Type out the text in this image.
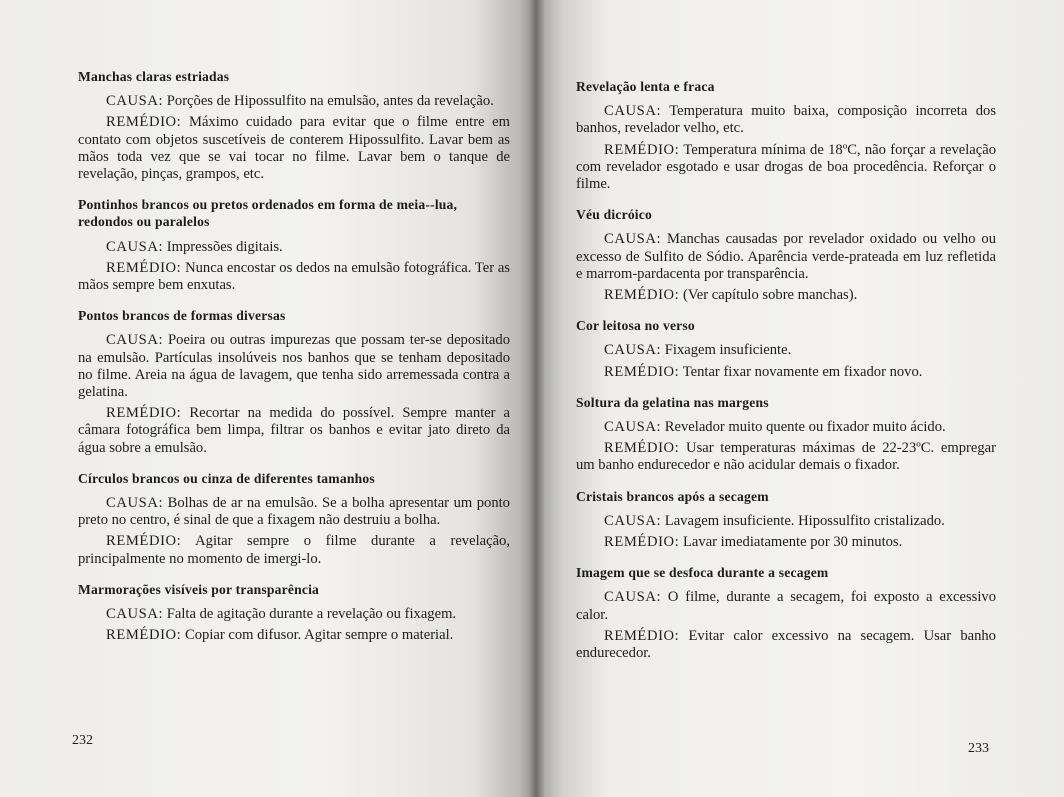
Manchas claras estriadas
CAUSA: Porções de Hipossulfito na emulsão, antes da revelação.
REMÉDIO: Máximo cuidado para evitar que o filme entre em contato com objetos suscetíveis de conterem Hipossulfito. Lavar bem as mãos toda vez que se vai tocar no filme. Lavar bem o tanque de revelação, pinças, grampos, etc.
Pontinhos brancos ou pretos ordenados em forma de meia--lua, redondos ou paralelos
CAUSA: Impressões digitais.
REMÉDIO: Nunca encostar os dedos na emulsão fotográfica. Ter as mãos sempre bem enxutas.
Pontos brancos de formas diversas
CAUSA: Poeira ou outras impurezas que possam ter-se depositado na emulsão. Partículas insolúveis nos banhos que se tenham depositado no filme. Areia na água de lavagem, que tenha sido arremessada contra a gelatina.
REMÉDIO: Recortar na medida do possível. Sempre manter a câmara fotográfica bem limpa, filtrar os banhos e evitar jato direto da água sobre a emulsão.
Círculos brancos ou cinza de diferentes tamanhos
CAUSA: Bolhas de ar na emulsão. Se a bolha apresentar um ponto preto no centro, é sinal de que a fixagem não destruiu a bolha.
REMÉDIO: Agitar sempre o filme durante a revelação, principalmente no momento de imergi-lo.
Marmorações visíveis por transparência
CAUSA: Falta de agitação durante a revelação ou fixagem.
REMÉDIO: Copiar com difusor. Agitar sempre o material.
Revelação lenta e fraca
CAUSA: Temperatura muito baixa, composição incorreta dos banhos, revelador velho, etc.
REMÉDIO: Temperatura mínima de 18ºC, não forçar a revelação com revelador esgotado e usar drogas de boa procedência. Reforçar o filme.
Véu dicróico
CAUSA: Manchas causadas por revelador oxidado ou velho ou excesso de Sulfito de Sódio. Aparência verde-prateada em luz refletida e marrom-pardacenta por transparência.
REMÉDIO: (Ver capítulo sobre manchas).
Cor leitosa no verso
CAUSA: Fixagem insuficiente.
REMÉDIO: Tentar fixar novamente em fixador novo.
Soltura da gelatina nas margens
CAUSA: Revelador muito quente ou fixador muito ácido.
REMÉDIO: Usar temperaturas máximas de 22-23ºC. empregar um banho endurecedor e não acidular demais o fixador.
Cristais brancos após a secagem
CAUSA: Lavagem insuficiente. Hipossulfito cristalizado.
REMÉDIO: Lavar imediatamente por 30 minutos.
Imagem que se desfoca durante a secagem
CAUSA: O filme, durante a secagem, foi exposto a excessivo calor.
REMÉDIO: Evitar calor excessivo na secagem. Usar banho endurecedor.
232
233
